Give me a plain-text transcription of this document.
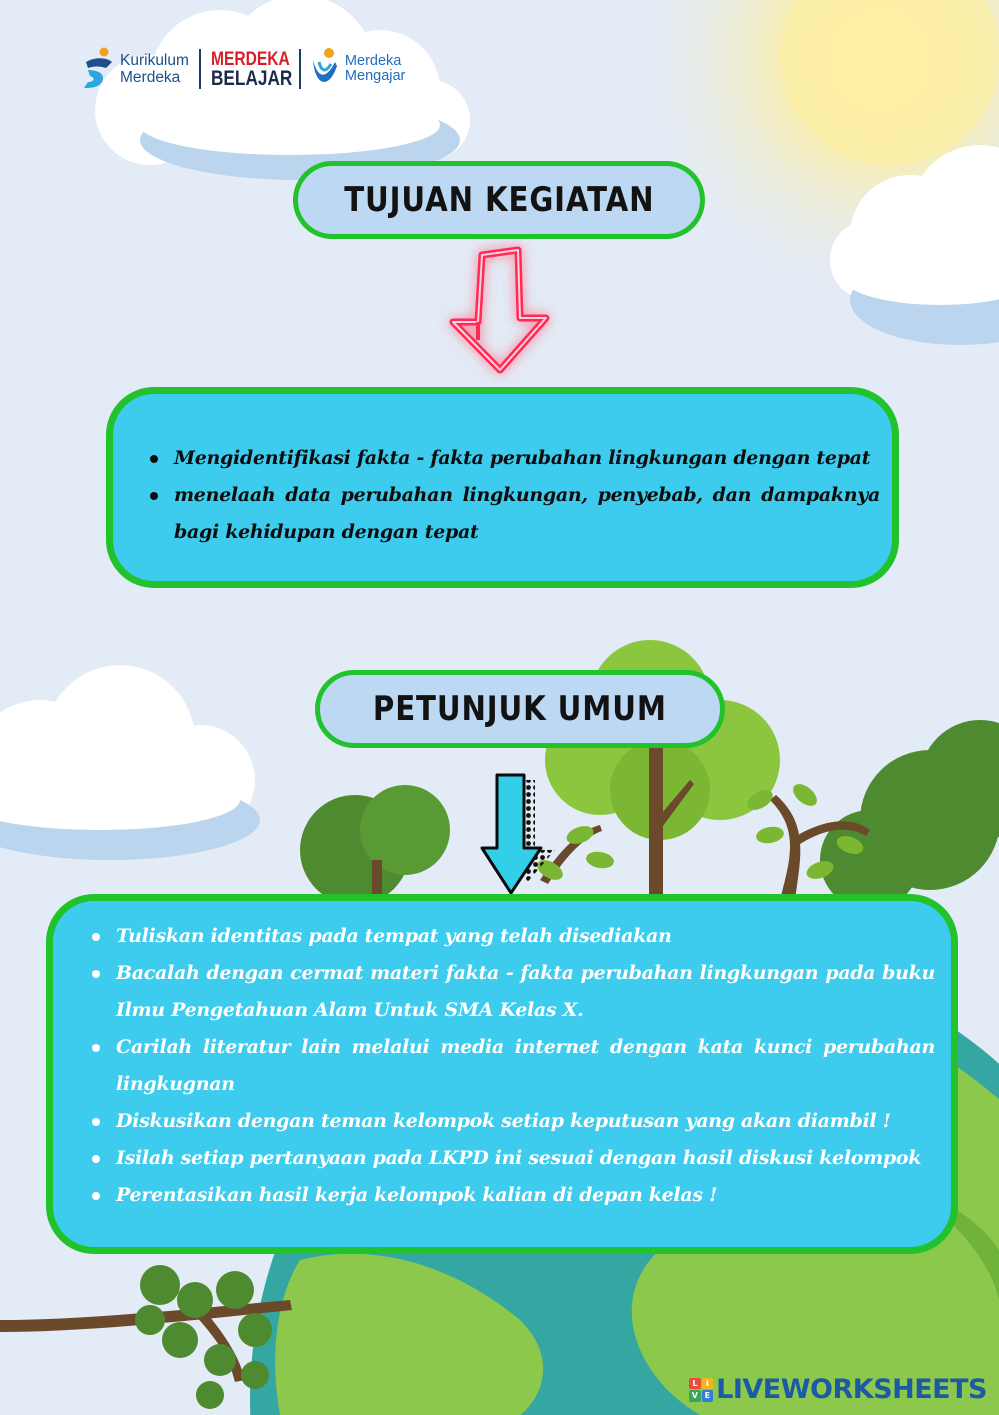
Kurikulum
Merdeka
MERDEKA
BELAJAR
Merdeka
Mengajar
TUJUAN KEGIATAN
Mengidentifikasi fakta - fakta perubahan lingkungan dengan tepat
menelaah data perubahan lingkungan, penyebab, dan dampaknya bagi kehidupan dengan tepat
PETUNJUK UMUM
Tuliskan identitas pada tempat yang telah disediakan
Bacalah dengan cermat materi fakta - fakta perubahan lingkungan pada buku Ilmu Pengetahuan Alam Untuk SMA Kelas X.
Carilah literatur lain melalui media internet dengan kata kunci perubahan lingkugnan
Diskusikan dengan teman kelompok setiap keputusan yang akan diambil !
Isilah setiap pertanyaan pada LKPD ini sesuai dengan hasil diskusi kelompok
Perentasikan hasil kerja kelompok kalian di depan kelas !
L	I
V E LIVEWORKSHEETS
